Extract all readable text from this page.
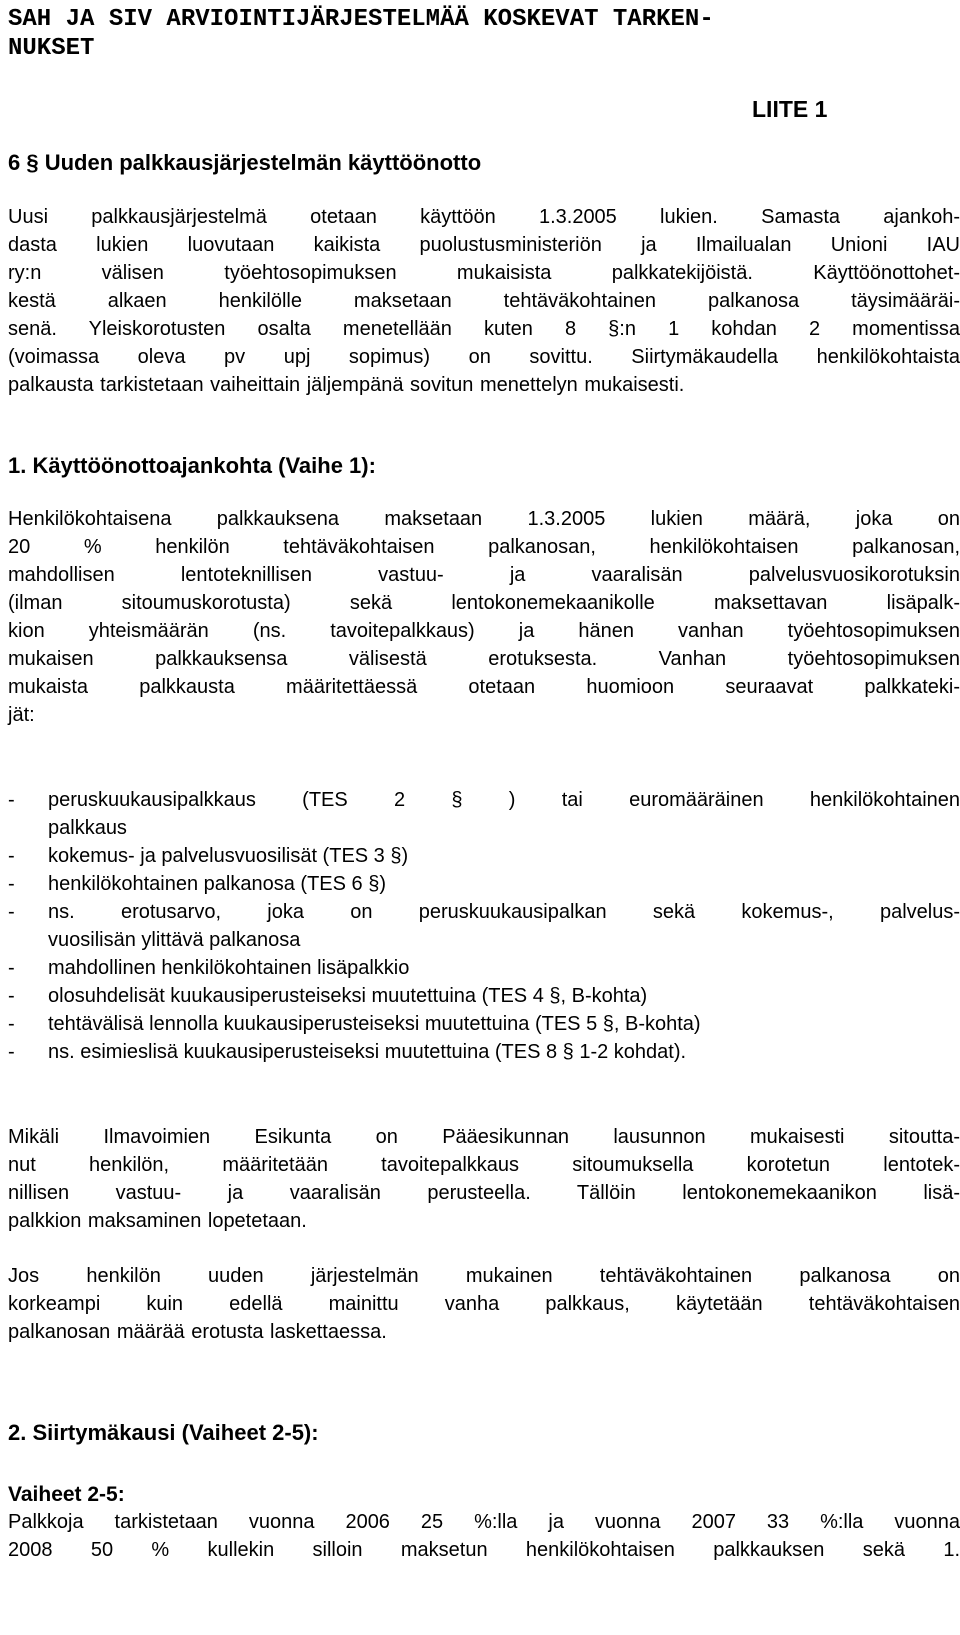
SAH JA SIV ARVIOINTIJÄRJESTELMÄÄ KOSKEVAT TARKEN-
NUKSET
LIITE 1
6 § Uuden palkkausjärjestelmän käyttöönotto

Uusi palkkausjärjestelmä otetaan käyttöön 1.3.2005 lukien. Samasta ajankoh-
dasta lukien luovutaan kaikista puolustusministeriön ja Ilmailualan Unioni IAU
ry:n välisen työehtosopimuksen mukaisista palkkatekijöistä. Käyttöönottohet-
kestä alkaen henkilölle maksetaan tehtäväkohtainen palkanosa täysimääräi-
senä. Yleiskorotusten osalta menetellään kuten 8 §:n 1 kohdan 2 momentissa
(voimassa oleva pv upj sopimus) on sovittu. Siirtymäkaudella henkilökohtaista
palkausta tarkistetaan vaiheittain jäljempänä sovitun menettelyn mukaisesti.

1. Käyttöönottoajankohta (Vaihe 1):

Henkilökohtaisena palkkauksena maksetaan 1.3.2005 lukien määrä, joka on
20 % henkilön tehtäväkohtaisen palkanosan, henkilökohtaisen palkanosan,
mahdollisen lentoteknillisen vastuu- ja vaaralisän palvelusvuosikorotuksin
(ilman sitoumuskorotusta) sekä lentokonemekaanikolle maksettavan lisäpalk-
kion yhteismäärän (ns. tavoitepalkkaus) ja hänen vanhan työehtosopimuksen
mukaisen palkkauksensa välisestä erotuksesta. Vanhan työehtosopimuksen
mukaista palkkausta määritettäessä otetaan huomioon seuraavat palkkateki-
jät:

- peruskuukausipalkkaus (TES 2 § ) tai euromääräinen henkilökohtainen
palkkaus
- kokemus- ja palvelusvuosilisät (TES 3 §)
- henkilökohtainen palkanosa (TES 6 §)
- ns. erotusarvo, joka on peruskuukausipalkan sekä kokemus-, palvelus-
vuosilisän ylittävä palkanosa
- mahdollinen henkilökohtainen lisäpalkkio
- olosuhdelisät kuukausiperusteiseksi muutettuina (TES 4 §, B-kohta)
- tehtävälisä lennolla kuukausiperusteiseksi muutettuina (TES 5 §, B-kohta)
- ns. esimieslisä kuukausiperusteiseksi muutettuina (TES 8 § 1-2 kohdat).

Mikäli Ilmavoimien Esikunta on Pääesikunnan lausunnon mukaisesti sitoutta-
nut henkilön, määritetään tavoitepalkkaus sitoumuksella korotetun lentotek-
nillisen vastuu- ja vaaralisän perusteella. Tällöin lentokonemekaanikon lisä-
palkkion maksaminen lopetetaan.

Jos henkilön uuden järjestelmän mukainen tehtäväkohtainen palkanosa on
korkeampi kuin edellä mainittu vanha palkkaus, käytetään tehtäväkohtaisen
palkanosan määrää erotusta laskettaessa.

2. Siirtymäkausi (Vaiheet 2-5):
Vaiheet 2-5:

Palkkoja tarkistetaan vuonna 2006 25 %:lla ja vuonna 2007 33 %:lla vuonna
2008 50 % kullekin silloin maksetun henkilökohtaisen palkkauksen sekä 1.
